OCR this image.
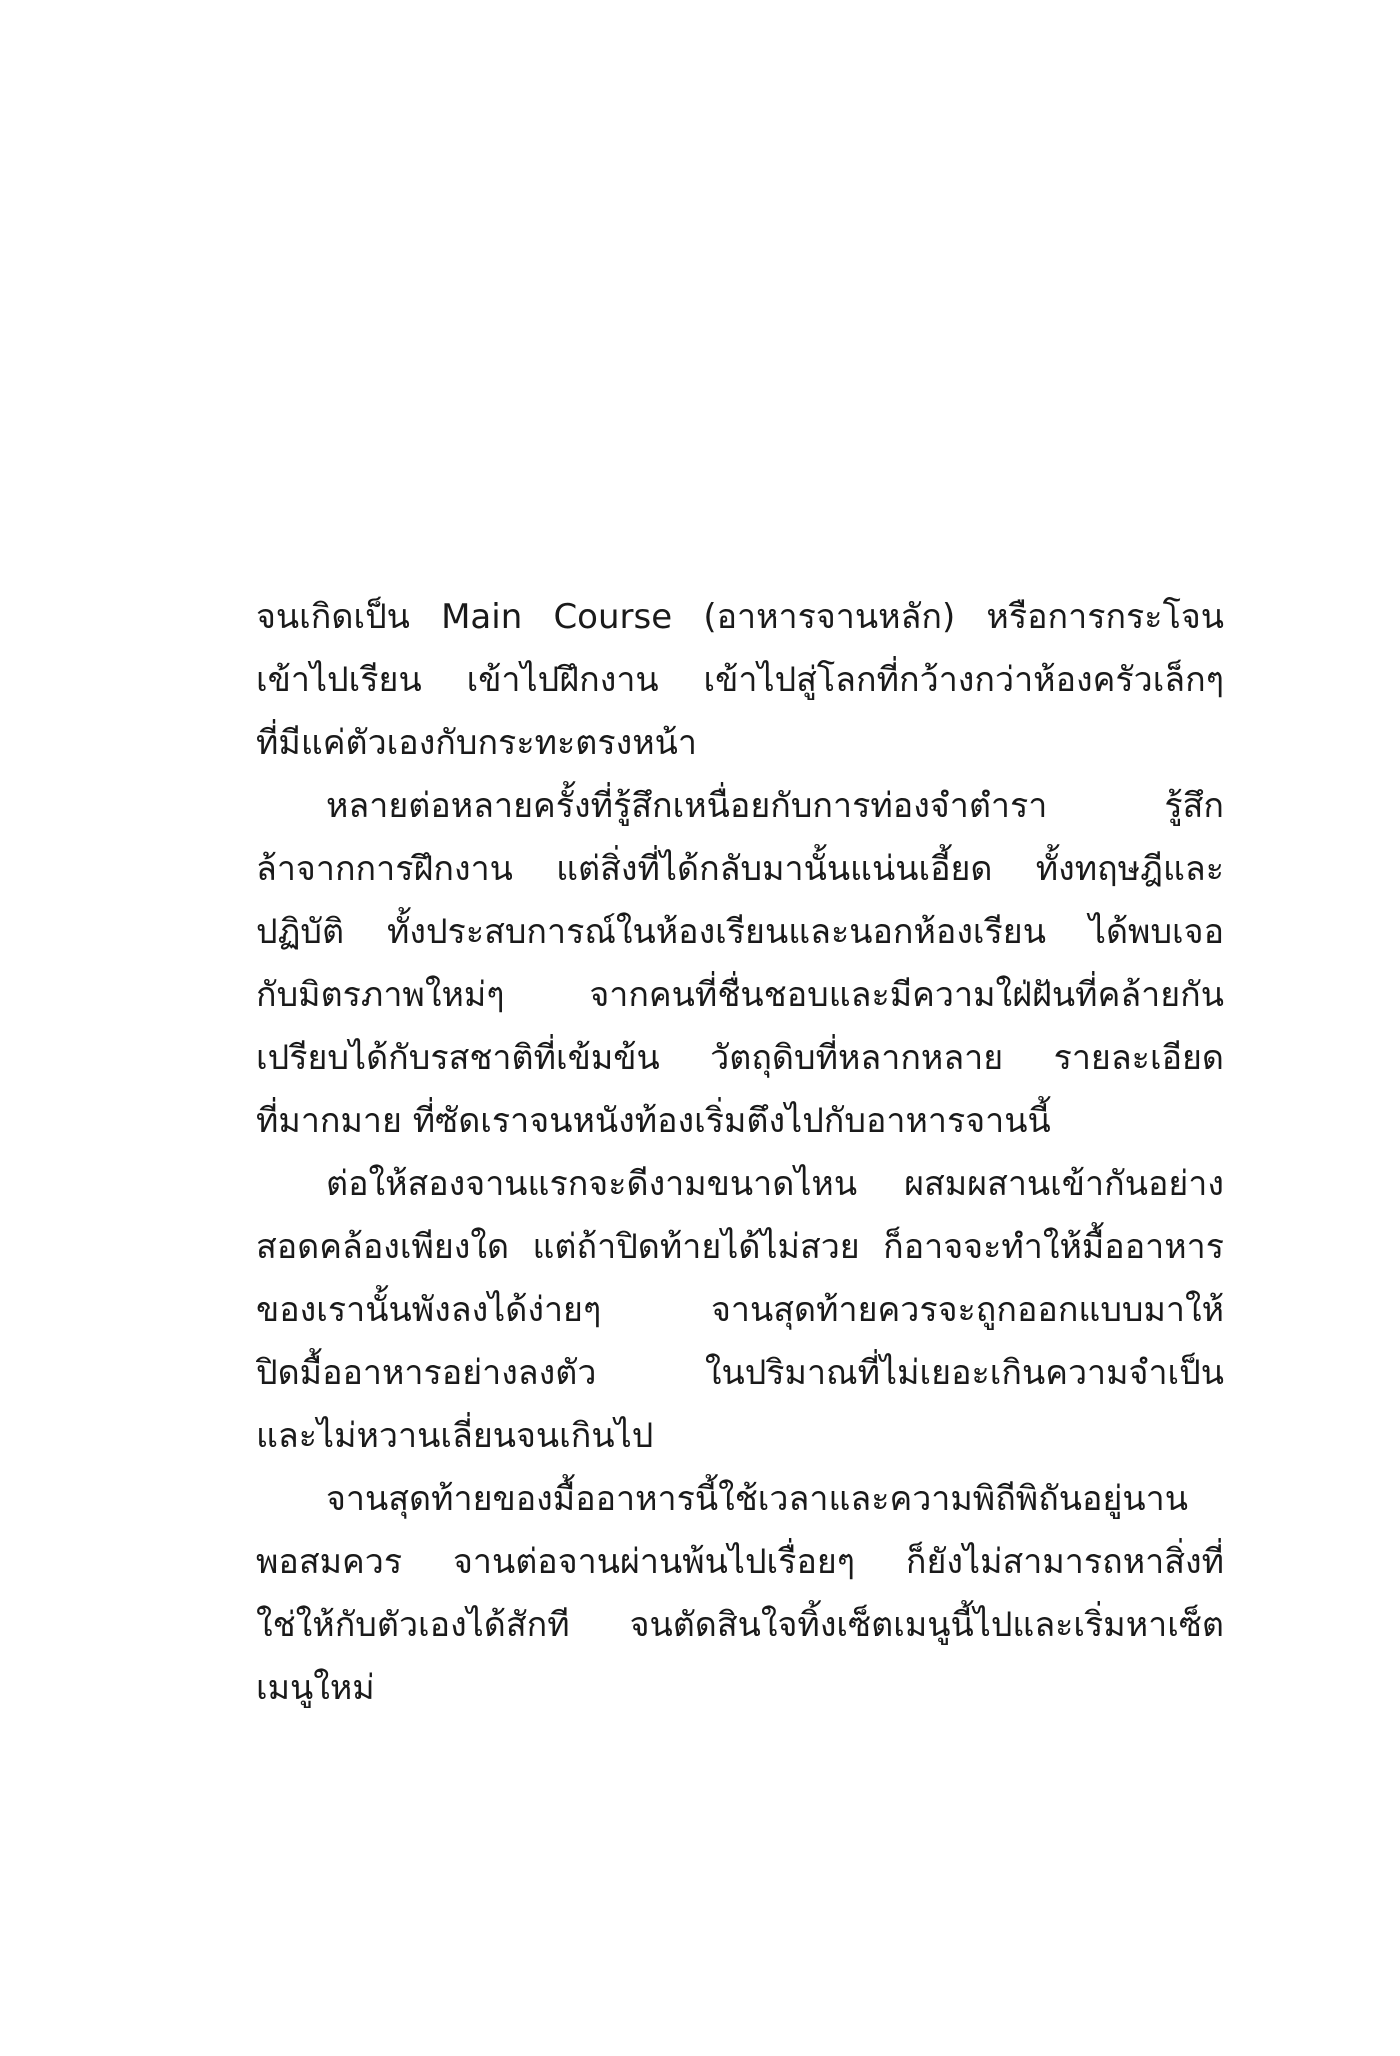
จนเกิดเป็น Main Course (อาหารจานหลัก) หรือการกระโจน
เข้าไปเรียน เข้าไปฝึกงาน เข้าไปสู่โลกที่กว้างกว่าห้องครัวเล็กๆ
ที่มีแค่ตัวเองกับกระทะตรงหน้า
หลายต่อหลายครั้งที่รู้สึกเหนื่อยกับการท่องจำตำรา รู้สึก
ล้าจากการฝึกงาน แต่สิ่งที่ได้กลับมานั้นแน่นเอี้ยด ทั้งทฤษฎีและ
ปฏิบัติ ทั้งประสบการณ์ในห้องเรียนและนอกห้องเรียน ได้พบเจอ
กับมิตรภาพใหม่ๆ จากคนที่ชื่นชอบและมีความใฝ่ฝันที่คล้ายกัน
เปรียบได้กับรสชาติที่เข้มข้น วัตถุดิบที่หลากหลาย รายละเอียด
ที่มากมาย ที่ซัดเราจนหนังท้องเริ่มตึงไปกับอาหารจานนี้
ต่อให้สองจานแรกจะดีงามขนาดไหน ผสมผสานเข้ากันอย่าง
สอดคล้องเพียงใด แต่ถ้าปิดท้ายได้ไม่สวย ก็อาจจะทำให้มื้ออาหาร
ของเรานั้นพังลงได้ง่ายๆ จานสุดท้ายควรจะถูกออกแบบมาให้
ปิดมื้ออาหารอย่างลงตัว ในปริมาณที่ไม่เยอะเกินความจำเป็น
และไม่หวานเลี่ยนจนเกินไป
จานสุดท้ายของมื้ออาหารนี้ใช้เวลาและความพิถีพิถันอยู่นาน
พอสมควร จานต่อจานผ่านพ้นไปเรื่อยๆ ก็ยังไม่สามารถหาสิ่งที่
ใช่ให้กับตัวเองได้สักที จนตัดสินใจทิ้งเซ็ตเมนูนี้ไปและเริ่มหาเซ็ต
เมนูใหม่
